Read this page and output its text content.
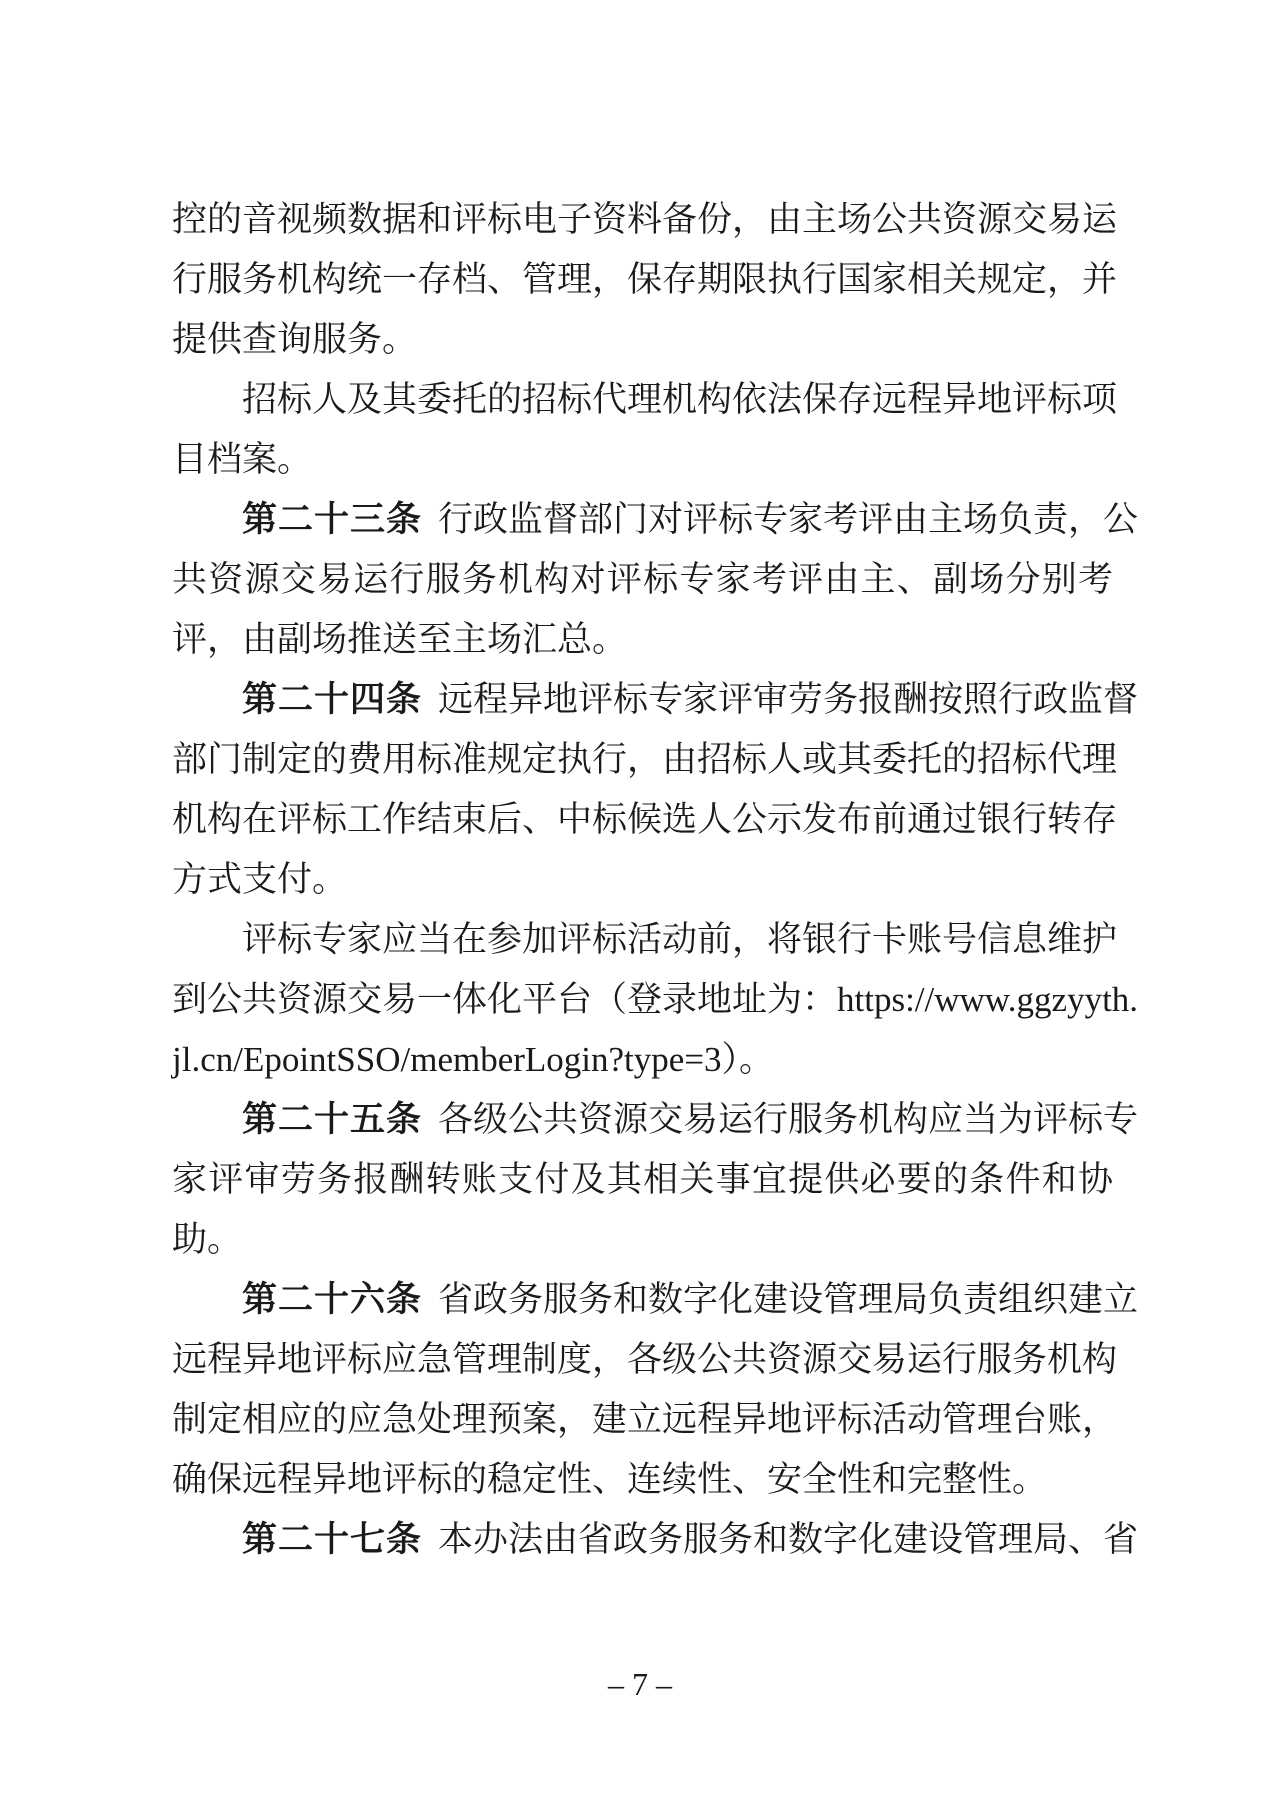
控的音视频数据和评标电子资料备份，由主场公共资源交易运
行服务机构统一存档、管理，保存期限执行国家相关规定，并
提供查询服务。
招标人及其委托的招标代理机构依法保存远程异地评标项
目档案。
第二十三条 行政监督部门对评标专家考评由主场负责，公
共资源交易运行服务机构对评标专家考评由主、副场分别考
评，由副场推送至主场汇总。
第二十四条 远程异地评标专家评审劳务报酬按照行政监督
部门制定的费用标准规定执行，由招标人或其委托的招标代理
机构在评标工作结束后、中标候选人公示发布前通过银行转存
方式支付。
评标专家应当在参加评标活动前，将银行卡账号信息维护
到公共资源交易一体化平台（登录地址为：https://www.ggzyyth.
jl.cn/EpointSSO/memberLogin?type=3）。
第二十五条 各级公共资源交易运行服务机构应当为评标专
家评审劳务报酬转账支付及其相关事宜提供必要的条件和协
助。
第二十六条 省政务服务和数字化建设管理局负责组织建立
远程异地评标应急管理制度，各级公共资源交易运行服务机构
制定相应的应急处理预案，建立远程异地评标活动管理台账，
确保远程异地评标的稳定性、连续性、安全性和完整性。
第二十七条 本办法由省政务服务和数字化建设管理局、省
– 7 –
